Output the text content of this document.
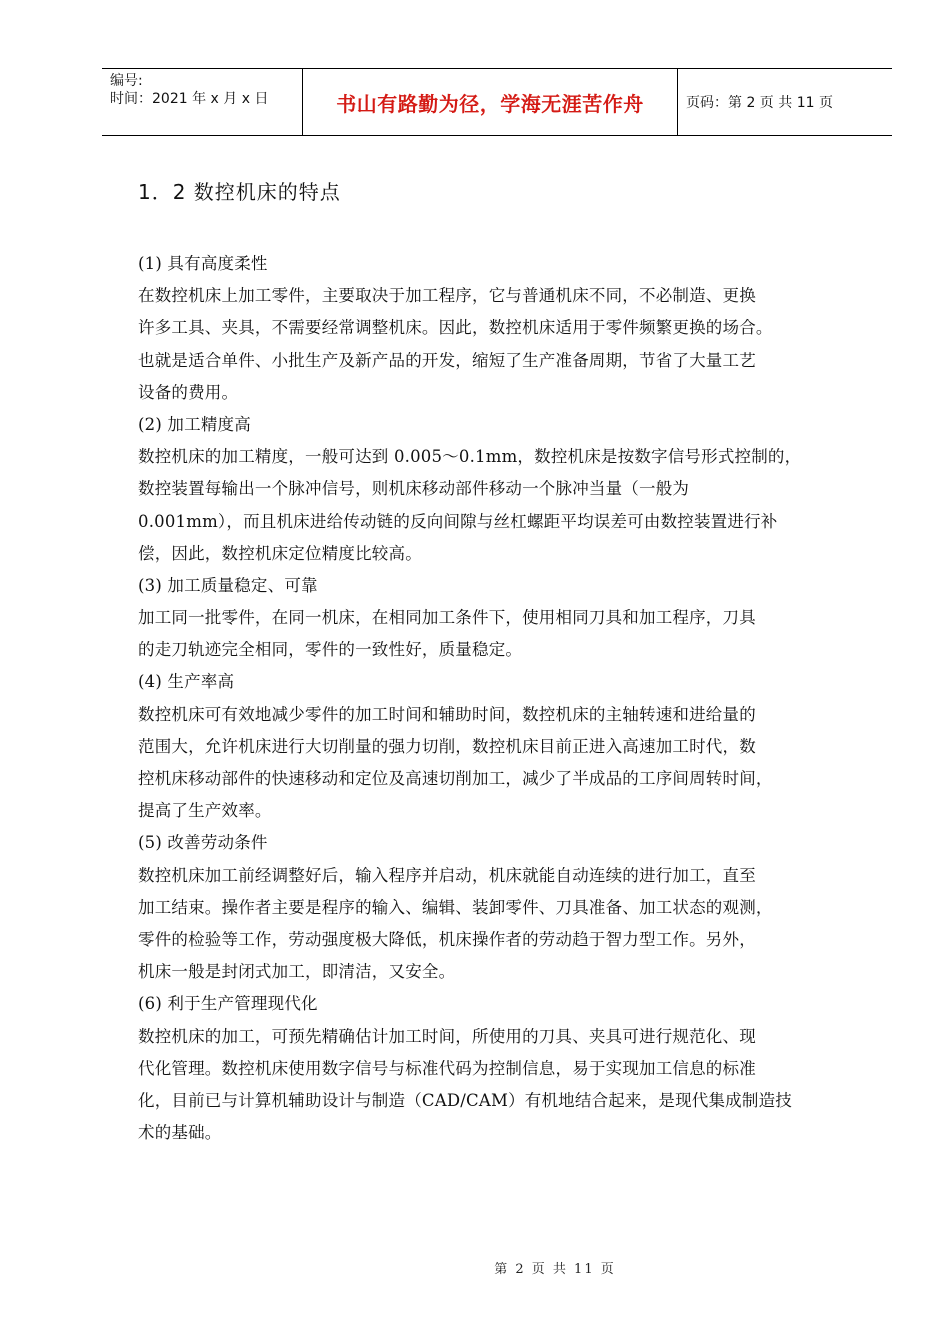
编号:
时间：2021 年 x 月 x 日	书山有路勤为径，学海无涯苦作舟	页码：第 2 页 共 11 页
1．2 数控机床的特点
(1) 具有高度柔性
在数控机床上加工零件，主要取决于加工程序，它与普通机床不同，不必制造、更换
许多工具、夹具，不需要经常调整机床。因此，数控机床适用于零件频繁更换的场合。
也就是适合单件、小批生产及新产品的开发，缩短了生产准备周期，节省了大量工艺
设备的费用。
(2) 加工精度高
数控机床的加工精度，一般可达到 0.005～0.1mm，数控机床是按数字信号形式控制的，
数控装置每输出一个脉冲信号，则机床移动部件移动一个脉冲当量（一般为
0.001mm），而且机床进给传动链的反向间隙与丝杠螺距平均误差可由数控装置进行补
偿，因此，数控机床定位精度比较高。
(3) 加工质量稳定、可靠
加工同一批零件，在同一机床，在相同加工条件下，使用相同刀具和加工程序，刀具
的走刀轨迹完全相同，零件的一致性好，质量稳定。
(4) 生产率高
数控机床可有效地减少零件的加工时间和辅助时间，数控机床的主轴转速和进给量的
范围大，允许机床进行大切削量的强力切削，数控机床目前正进入高速加工时代，数
控机床移动部件的快速移动和定位及高速切削加工，减少了半成品的工序间周转时间，
提高了生产效率。
(5) 改善劳动条件
数控机床加工前经调整好后，输入程序并启动，机床就能自动连续的进行加工，直至
加工结束。操作者主要是程序的输入、编辑、装卸零件、刀具准备、加工状态的观测，
零件的检验等工作，劳动强度极大降低，机床操作者的劳动趋于智力型工作。另外，
机床一般是封闭式加工，即清洁，又安全。
(6) 利于生产管理现代化
数控机床的加工，可预先精确估计加工时间，所使用的刀具、夹具可进行规范化、现
代化管理。数控机床使用数字信号与标准代码为控制信息，易于实现加工信息的标准
化，目前已与计算机辅助设计与制造（CAD/CAM）有机地结合起来，是现代集成制造技
术的基础。
第 2 页 共 11 页
